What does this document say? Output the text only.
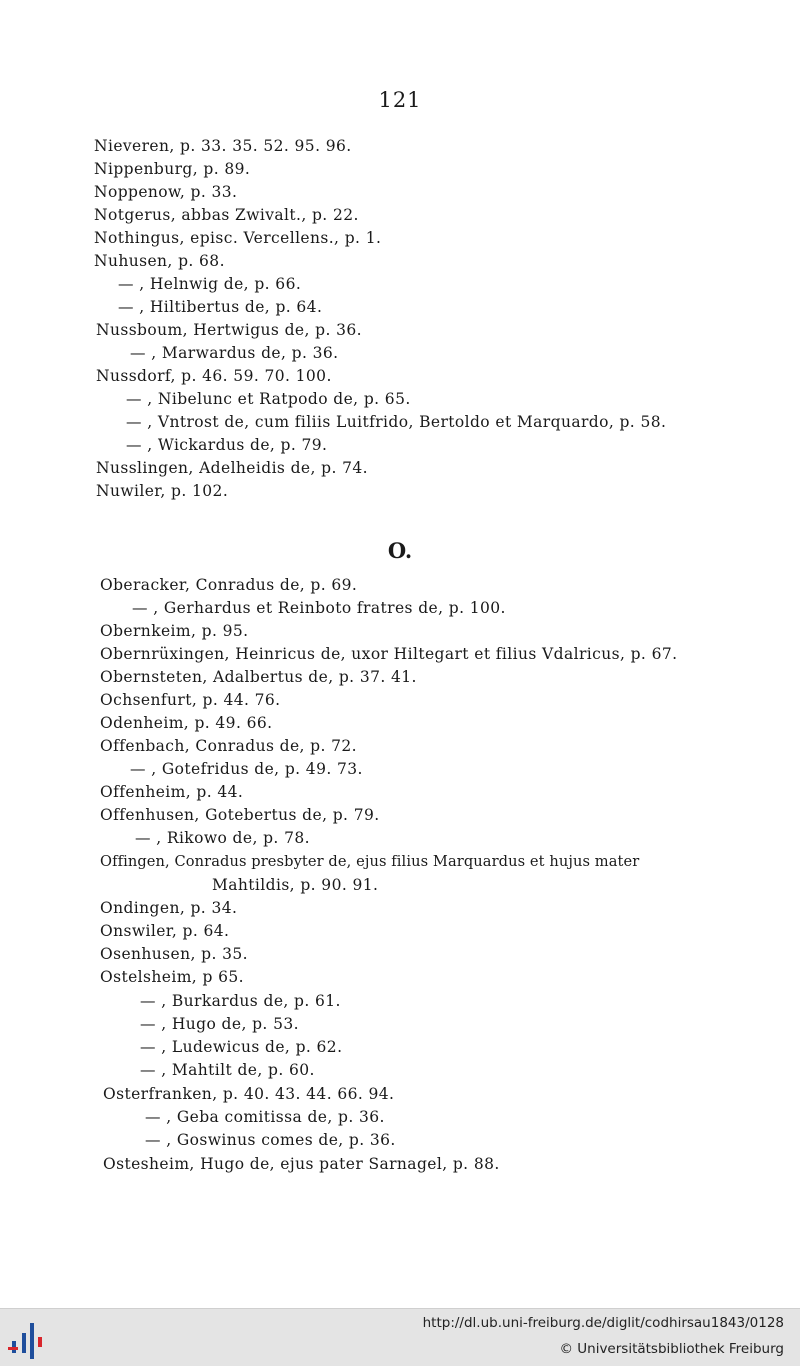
121
Nieveren, p. 33. 35. 52. 95. 96.
Nippenburg, p. 89.
Noppenow, p. 33.
Notgerus, abbas Zwivalt., p. 22.
Nothingus, episc. Vercellens., p. 1.
Nuhusen, p. 68.
— , Helnwig de, p. 66.
— , Hiltibertus de, p. 64.
Nussboum, Hertwigus de, p. 36.
— , Marwardus de, p. 36.
Nussdorf, p. 46. 59. 70. 100.
— , Nibelunc et Ratpodo de, p. 65.
— , Vntrost de, cum filiis Luitfrido, Bertoldo et Marquardo, p. 58.
— , Wickardus de, p. 79.
Nusslingen, Adelheidis de, p. 74.
Nuwiler, p. 102.
O.
Oberacker, Conradus de, p. 69.
— , Gerhardus et Reinboto fratres de, p. 100.
Obernkeim, p. 95.
Obernrüxingen, Heinricus de, uxor Hiltegart et filius Vdalricus, p. 67.
Obernsteten, Adalbertus de, p. 37. 41.
Ochsenfurt, p. 44. 76.
Odenheim, p. 49. 66.
Offenbach, Conradus de, p. 72.
— , Gotefridus de, p. 49. 73.
Offenheim, p. 44.
Offenhusen, Gotebertus de, p. 79.
— , Rikowo de, p. 78.
Offingen, Conradus presbyter de, ejus filius Marquardus et hujus mater
Mahtildis, p. 90. 91.
Ondingen, p. 34.
Onswiler, p. 64.
Osenhusen, p. 35.
Ostelsheim, p 65.
— , Burkardus de, p. 61.
— , Hugo de, p. 53.
— , Ludewicus de, p. 62.
— , Mahtilt de, p. 60.
Osterfranken, p. 40. 43. 44. 66. 94.
— , Geba comitissa de, p. 36.
— , Goswinus comes de, p. 36.
Ostesheim, Hugo de, ejus pater Sarnagel, p. 88.
http://dl.ub.uni-freiburg.de/diglit/codhirsau1843/0128
© Universitätsbibliothek Freiburg
